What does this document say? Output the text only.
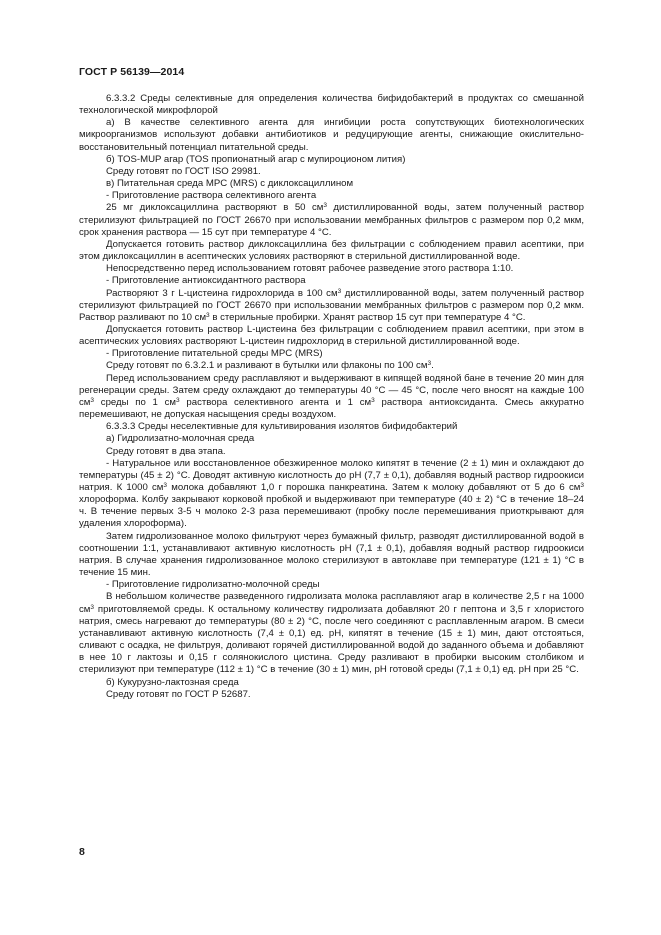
ГОСТ Р 56139—2014

6.3.3.2 Среды селективные для определения количества бифидобактерий в продуктах со смешанной технологической микрофлорой

а) В качестве селективного агента для ингибиции роста сопутствующих биотехнологических микроорганизмов используют добавки антибиотиков и редуцирующие агенты, снижающие окислительно-восстановительный потенциал питательной среды.

б) TOS-MUP агар (TOS пропионатный агар с мупироционом лития)

Среду готовят по ГОСТ ISO 29981.

в) Питательная среда MPC (MRS) с диклоксациллином

- Приготовление раствора селективного агента

25 мг диклоксациллина растворяют в 50 $см^3$ дистиллированной воды, затем полученный раствор стерилизуют фильтрацией по ГОСТ 26670 при использовании мембранных фильтров с размером пор 0,2 мкм, срок хранения раствора — 15 сут при температуре 4 °С.

Допускается готовить раствор диклоксациллина без фильтрации с соблюдением правил асептики, при этом диклоксациллин в асептических условиях растворяют в стерильной дистиллированной воде.

Непосредственно перед использованием готовят рабочее разведение этого раствора 1:10.

- Приготовление антиоксидантного раствора

Растворяют 3 г L-цистеина гидрохлорида в 100 $см^3$ дистиллированной воды, затем полученный раствор стерилизуют фильтрацией по ГОСТ 26670 при использовании мембранных фильтров с размером пор 0,2 мкм. Раствор разливают по 10 $см^3$ в стерильные пробирки. Хранят раствор 15 сут при температуре 4 °С.

Допускается готовить раствор L-цистеина без фильтрации с соблюдением правил асептики, при этом в асептических условиях растворяют L-цистеин гидрохлорид в стерильной дистиллированной воде.

- Приготовление питательной среды MPC (MRS)

Среду готовят по 6.3.2.1 и разливают в бутылки или флаконы по 100 $см^3$.

Перед использованием среду расплавляют и выдерживают в кипящей водяной бане в течение 20 мин для регенерации среды. Затем среду охлаждают до температуры 40 °С — 45 °С, после чего вносят на каждые 100 $см^3$ среды по 1 $см^3$ раствора селективного агента и 1 $см^3$ раствора антиоксиданта. Смесь аккуратно перемешивают, не допуская насыщения среды воздухом.

6.3.3.3 Среды неселективные для культивирования изолятов бифидобактерий

а) Гидролизатно-молочная среда

Среду готовят в два этапа.

- Натуральное или восстановленное обезжиренное молоко кипятят в течение (2 ± 1) мин и охлаждают до температуры (45 ± 2) °С. Доводят активную кислотность до pH (7,7 ± 0,1), добавляя водный раствор гидроокиси натрия. К 1000 $см^3$ молока добавляют 1,0 г порошка панкреатина. Затем к молоку добавляют от 5 до 6 $см^3$ хлороформа. Колбу закрывают корковой пробкой и выдерживают при температуре (40 ± 2) °С в течение 18–24 ч. В течение первых 3-5 ч молоко 2-3 раза перемешивают (пробку после перемешивания приоткрывают для удаления хлороформа).

Затем гидролизованное молоко фильтруют через бумажный фильтр, разводят дистиллированной водой в соотношении 1:1, устанавливают активную кислотность pH (7,1 ± 0,1), добавляя водный раствор гидроокиси натрия. В случае хранения гидролизованное молоко стерилизуют в автоклаве при температуре (121 ± 1) °С в течение 15 мин.

- Приготовление гидролизатно-молочной среды

В небольшом количестве разведенного гидролизата молока расплавляют агар в количестве 2,5 г на 1000 $см^3$ приготовляемой среды. К остальному количеству гидролизата добавляют 20 г пептона и 3,5 г хлористого натрия, смесь нагревают до температуры (80 ± 2) °С, после чего соединяют с расплавленным агаром. В смеси устанавливают активную кислотность (7,4 ± 0,1) ед. pH, кипятят в течение (15 ± 1) мин, дают отстояться, сливают с осадка, не фильтруя, доливают горячей дистиллированной водой до заданного объема и добавляют в нее 10 г лактозы и 0,15 г солянокислого цистина. Среду разливают в пробирки высоким столбиком и стерилизуют при температуре (112 ± 1) °С в течение (30 ± 1) мин, pH готовой среды (7,1 ± 0,1) ед. pH при 25 °С.

б) Кукурузно-лактозная среда

Среду готовят по ГОСТ Р 52687.

8
